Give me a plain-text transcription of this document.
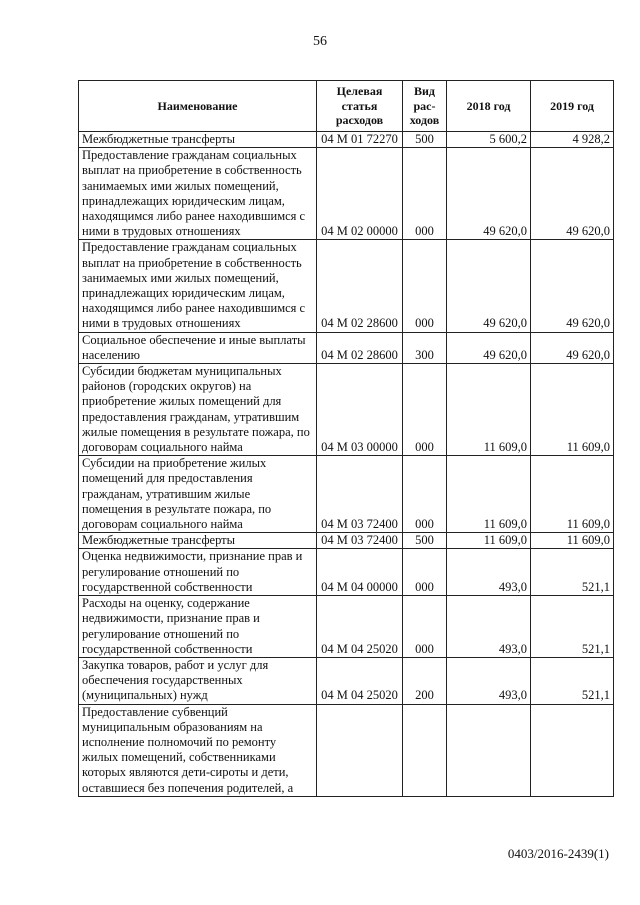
56
Наименование	Целевая статья расходов	Вид рас- ходов	2018 год	2019 год
Межбюджетные трансферты	04 М 01 72270	500	5 600,2	4 928,2
Предоставление гражданам социальных выплат на приобретение в собственность занимаемых ими жилых помещений, принадлежащих юридическим лицам, находящимся либо ранее находившимся с ними в трудовых отношениях	04 М 02 00000	000	49 620,0	49 620,0
Предоставление гражданам социальных выплат на приобретение в собственность занимаемых ими жилых помещений, принадлежащих юридическим лицам, находящимся либо ранее находившимся с ними в трудовых отношениях	04 М 02 28600	000	49 620,0	49 620,0
Социальное обеспечение и иные выплаты населению	04 М 02 28600	300	49 620,0	49 620,0
Субсидии бюджетам муниципальных районов (городских округов) на приобретение жилых помещений для предоставления гражданам, утратившим жилые помещения в результате пожара, по договорам социального найма	04 М 03 00000	000	11 609,0	11 609,0
Субсидии на приобретение жилых помещений для предоставления гражданам, утратившим жилые помещения в результате пожара, по договорам социального найма	04 М 03 72400	000	11 609,0	11 609,0
Межбюджетные трансферты	04 М 03 72400	500	11 609,0	11 609,0
Оценка недвижимости, признание прав и регулирование отношений по государственной собственности	04 М 04 00000	000	493,0	521,1
Расходы на оценку, содержание недвижимости, признание прав и регулирование отношений по государственной собственности	04 М 04 25020	000	493,0	521,1
Закупка товаров, работ и услуг для обеспечения государственных (муниципальных) нужд	04 М 04 25020	200	493,0	521,1
Предоставление субвенций муниципальным образованиям на исполнение полномочий по ремонту жилых помещений, собственниками которых являются дети-сироты и дети, оставшиеся без попечения родителей, а				
0403/2016-2439(1)
